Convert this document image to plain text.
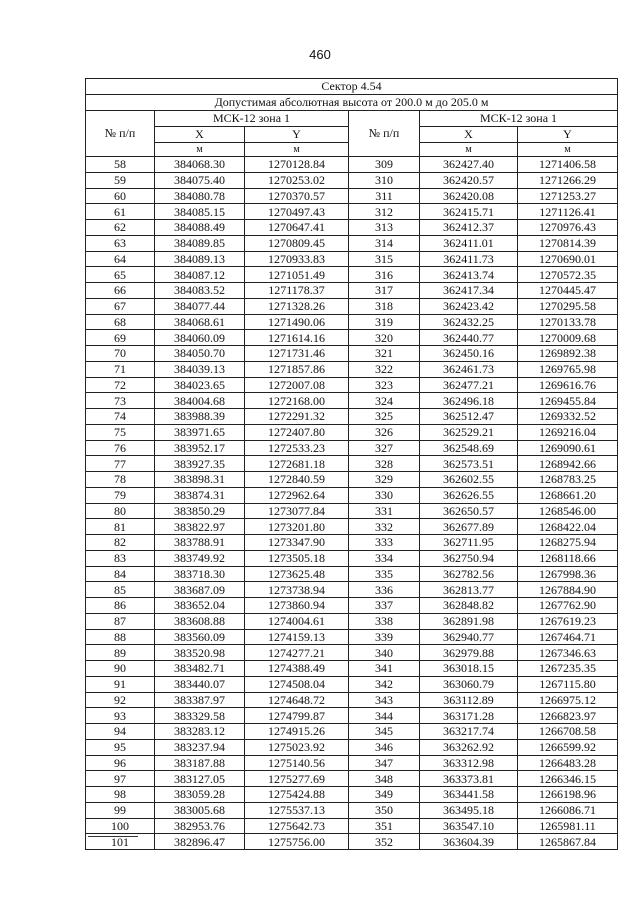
460
Сектор 4.54					
Допустимая абсолютная высота от 200.0 м до 205.0 м					
№ п/п	МСК-12 зона 1		№ п/п	МСК-12 зона 1	
	X	Y		X	Y
	м	м		м	м
58	384068.30	1270128.84	309	362427.40	1271406.58
59	384075.40	1270253.02	310	362420.57	1271266.29
60	384080.78	1270370.57	311	362420.08	1271253.27
61	384085.15	1270497.43	312	362415.71	1271126.41
62	384088.49	1270647.41	313	362412.37	1270976.43
63	384089.85	1270809.45	314	362411.01	1270814.39
64	384089.13	1270933.83	315	362411.73	1270690.01
65	384087.12	1271051.49	316	362413.74	1270572.35
66	384083.52	1271178.37	317	362417.34	1270445.47
67	384077.44	1271328.26	318	362423.42	1270295.58
68	384068.61	1271490.06	319	362432.25	1270133.78
69	384060.09	1271614.16	320	362440.77	1270009.68
70	384050.70	1271731.46	321	362450.16	1269892.38
71	384039.13	1271857.86	322	362461.73	1269765.98
72	384023.65	1272007.08	323	362477.21	1269616.76
73	384004.68	1272168.00	324	362496.18	1269455.84
74	383988.39	1272291.32	325	362512.47	1269332.52
75	383971.65	1272407.80	326	362529.21	1269216.04
76	383952.17	1272533.23	327	362548.69	1269090.61
77	383927.35	1272681.18	328	362573.51	1268942.66
78	383898.31	1272840.59	329	362602.55	1268783.25
79	383874.31	1272962.64	330	362626.55	1268661.20
80	383850.29	1273077.84	331	362650.57	1268546.00
81	383822.97	1273201.80	332	362677.89	1268422.04
82	383788.91	1273347.90	333	362711.95	1268275.94
83	383749.92	1273505.18	334	362750.94	1268118.66
84	383718.30	1273625.48	335	362782.56	1267998.36
85	383687.09	1273738.94	336	362813.77	1267884.90
86	383652.04	1273860.94	337	362848.82	1267762.90
87	383608.88	1274004.61	338	362891.98	1267619.23
88	383560.09	1274159.13	339	362940.77	1267464.71
89	383520.98	1274277.21	340	362979.88	1267346.63
90	383482.71	1274388.49	341	363018.15	1267235.35
91	383440.07	1274508.04	342	363060.79	1267115.80
92	383387.97	1274648.72	343	363112.89	1266975.12
93	383329.58	1274799.87	344	363171.28	1266823.97
94	383283.12	1274915.26	345	363217.74	1266708.58
95	383237.94	1275023.92	346	363262.92	1266599.92
96	383187.88	1275140.56	347	363312.98	1266483.28
97	383127.05	1275277.69	348	363373.81	1266346.15
98	383059.28	1275424.88	349	363441.58	1266198.96
99	383005.68	1275537.13	350	363495.18	1266086.71
100	382953.76	1275642.73	351	363547.10	1265981.11
101	382896.47	1275756.00	352	363604.39	1265867.84
